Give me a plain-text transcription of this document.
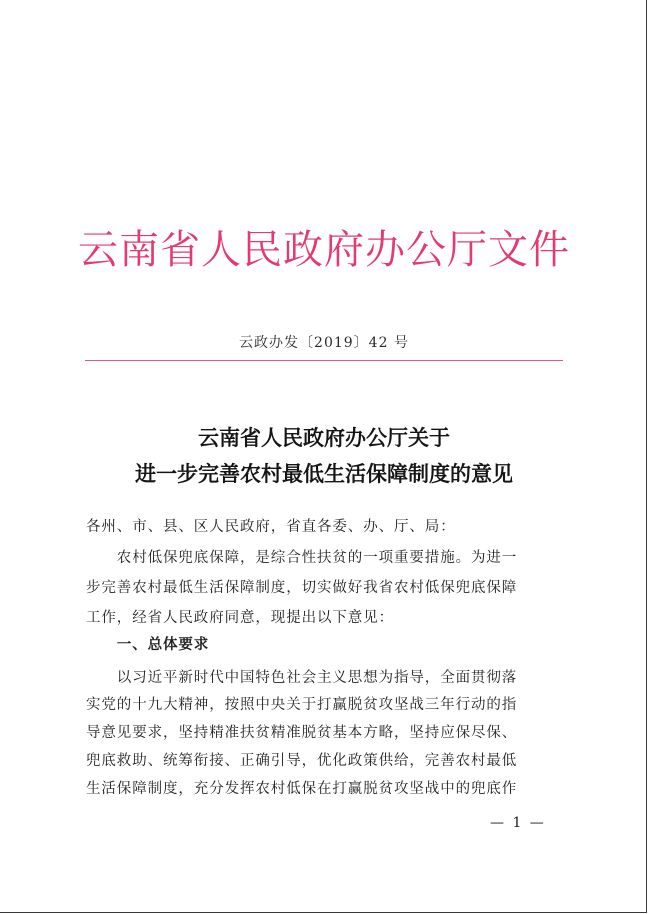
云南省人民政府办公厅文件
云政办发〔2019〕42 号
云南省人民政府办公厅关于
进一步完善农村最低生活保障制度的意见
各州、市、县、区人民政府，省直各委、办、厅、局：
　　农村低保兜底保障，是综合性扶贫的一项重要措施。为进一
步完善农村最低生活保障制度，切实做好我省农村低保兜底保障
工作，经省人民政府同意，现提出以下意见：
　　一、总体要求
　　以习近平新时代中国特色社会主义思想为指导，全面贯彻落
实党的十九大精神，按照中央关于打赢脱贫攻坚战三年行动的指
导意见要求，坚持精准扶贫精准脱贫基本方略，坚持应保尽保、
兜底救助、统筹衔接、正确引导，优化政策供给，完善农村最低
生活保障制度，充分发挥农村低保在打赢脱贫攻坚战中的兜底作
— 1 —
